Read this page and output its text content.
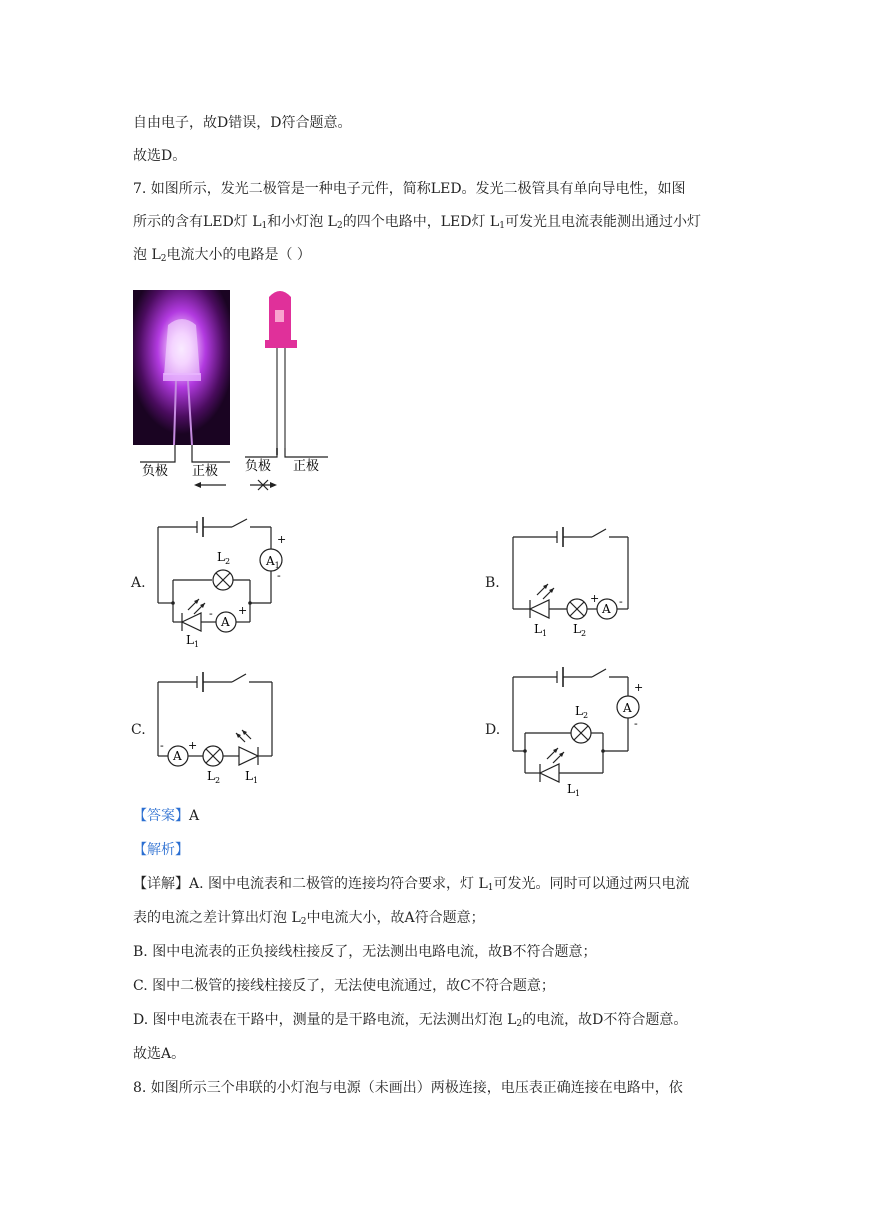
自由电子，故D错误，D符合题意。
故选D。
7. 如图所示，发光二极管是一种电子元件，简称LED。发光二极管具有单向导电性，如图
所示的含有LED灯 $L_1$和小灯泡 $L_2$的四个电路中，LED灯 $L_1$可发光且电流表能测出通过小灯
泡 $L_2$电流大小的电路是（ ）
负极 正极 负极 正极
A.	B.
C.	D.
$A_1$
+
-
$L_2$
A
- +
$L_1$
A
+ -
$L_1$ $L_2$
A
- +
$L_2$ $L_1$
A
+
-
$L_2$
$L_1$
【答案】A
【解析】
【详解】A. 图中电流表和二极管的连接均符合要求，灯 $L_1$可发光。同时可以通过两只电流
表的电流之差计算出灯泡 $L_2$中电流大小，故A符合题意；
B. 图中电流表的正负接线柱接反了，无法测出电路电流，故B不符合题意；
C. 图中二极管的接线柱接反了，无法使电流通过，故C不符合题意；
D. 图中电流表在干路中，测量的是干路电流，无法测出灯泡 $L_2$的电流，故D不符合题意。
故选A。
8. 如图所示三个串联的小灯泡与电源（未画出）两极连接，电压表正确连接在电路中，依
